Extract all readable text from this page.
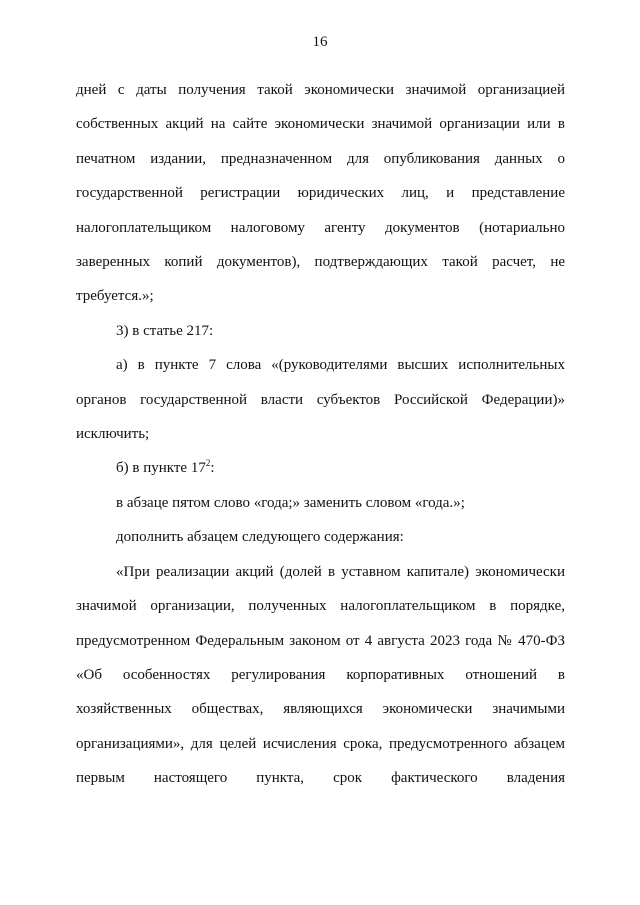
16

дней с даты получения такой экономически значимой организацией собственных акций на сайте экономически значимой организации или в печатном издании, предназначенном для опубликования данных о государственной регистрации юридических лиц, и представление налогоплательщиком налоговому агенту документов (нотариально заверенных копий документов), подтверждающих такой расчет, не требуется.»;

3) в статье 217:

а) в пункте 7 слова «(руководителями высших исполнительных органов государственной власти субъектов Российской Федерации)» исключить;

б) в пункте $17^2$:

в абзаце пятом слово «года;» заменить словом «года.»;

дополнить абзацем следующего содержания:

«При реализации акций (долей в уставном капитале) экономически значимой организации, полученных налогоплательщиком в порядке, предусмотренном Федеральным законом от 4 августа 2023 года № 470-ФЗ «Об особенностях регулирования корпоративных отношений в хозяйственных обществах, являющихся экономически значимыми организациями», для целей исчисления срока, предусмотренного абзацем первым настоящего пункта, срок фактического владения
